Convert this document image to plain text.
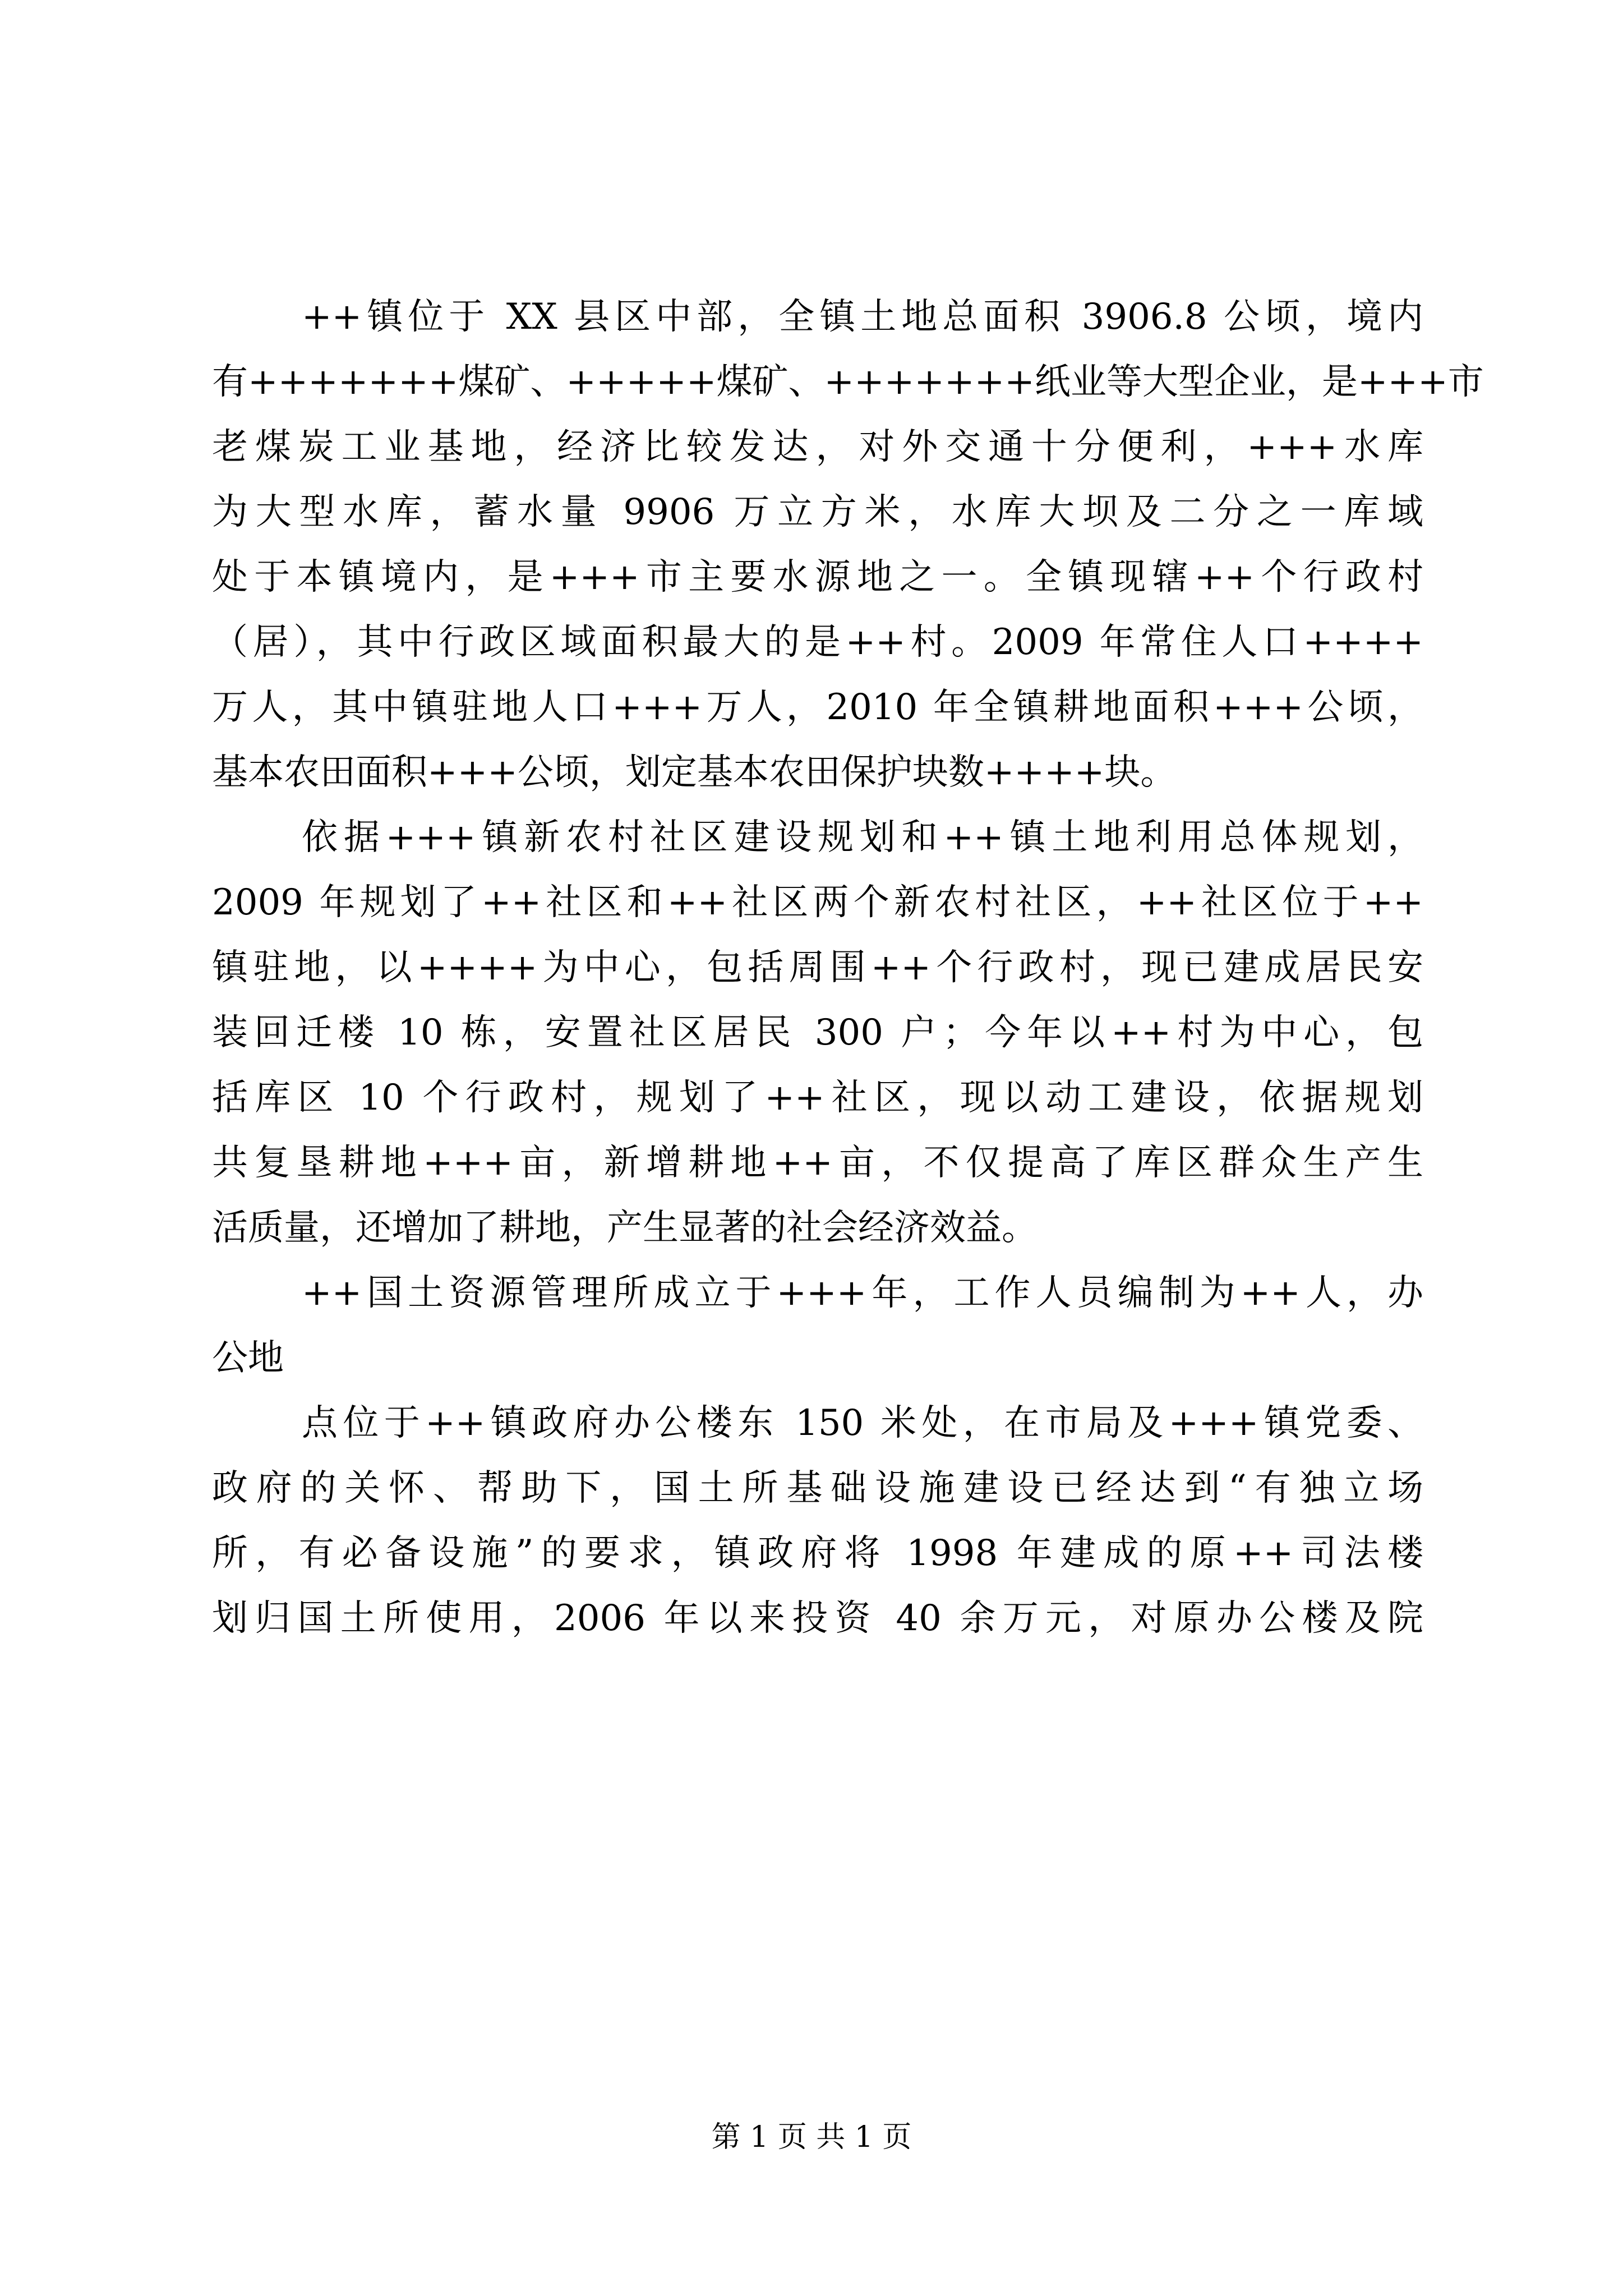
++镇位于 XX 县区中部，全镇土地总面积 3906.8 公顷，境内
有+++++++煤矿、+++++煤矿、+++++++纸业等大型企业，是+++市
老煤炭工业基地，经济比较发达，对外交通十分便利，+++水库
为大型水库，蓄水量 9906 万立方米，水库大坝及二分之一库域
处于本镇境内，是+++市主要水源地之一。全镇现辖++个行政村
（居），其中行政区域面积最大的是++村。2009 年常住人口++++
万人，其中镇驻地人口+++万人，2010 年全镇耕地面积+++公顷，
基本农田面积+++公顷，划定基本农田保护块数++++块。
依据+++镇新农村社区建设规划和++镇土地利用总体规划，
2009 年规划了++社区和++社区两个新农村社区，++社区位于++
镇驻地，以++++为中心，包括周围++个行政村，现已建成居民安
装回迁楼 10 栋，安置社区居民 300 户；今年以++村为中心，包
括库区 10 个行政村，规划了++社区，现以动工建设，依据规划
共复垦耕地+++亩，新增耕地++亩，不仅提高了库区群众生产生
活质量，还增加了耕地，产生显著的社会经济效益。
++国土资源管理所成立于+++年，工作人员编制为++人，办
公地
点位于++镇政府办公楼东 150 米处，在市局及+++镇党委、
政府的关怀、帮助下，国土所基础设施建设已经达到“有独立场
所，有必备设施”的要求，镇政府将 1998 年建成的原++司法楼
划归国土所使用，2006 年以来投资 40 余万元，对原办公楼及院
第 1 页 共 1 页
